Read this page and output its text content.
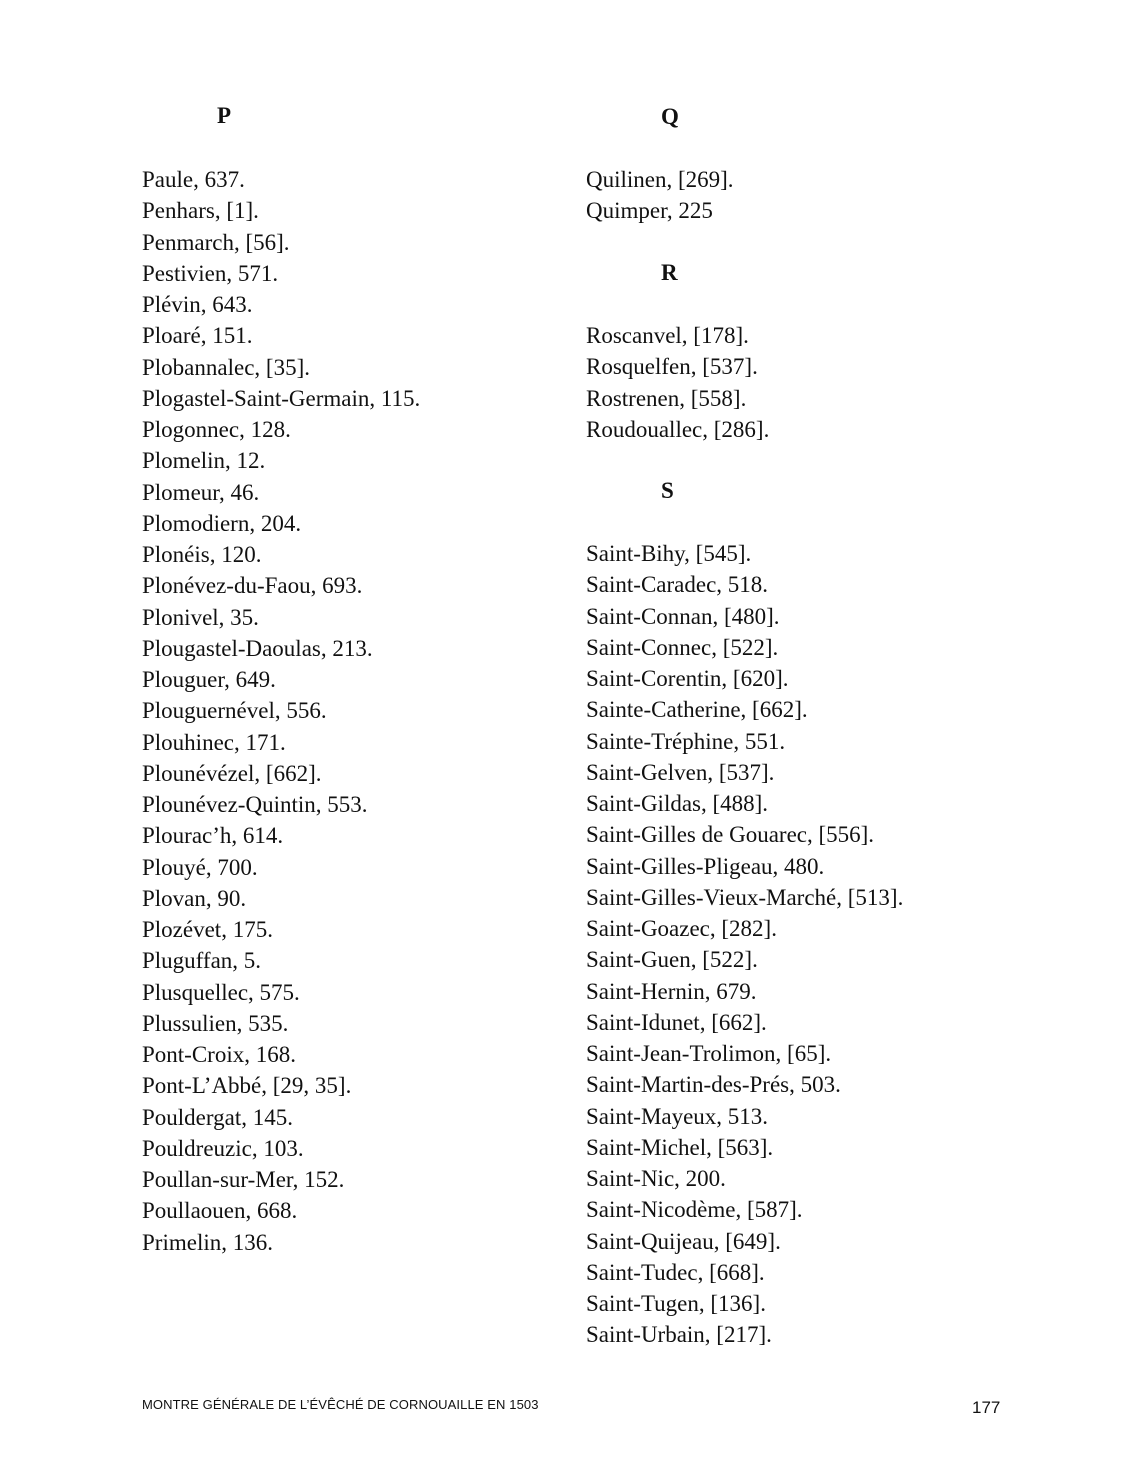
P
Paule, 637.
Penhars, [1].
Penmarch, [56].
Pestivien, 571.
Plévin, 643.
Ploaré, 151.
Plobannalec, [35].
Plogastel-Saint-Germain, 115.
Plogonnec, 128.
Plomelin, 12.
Plomeur, 46.
Plomodiern, 204.
Plonéis, 120.
Plonévez-du-Faou, 693.
Plonivel, 35.
Plougastel-Daoulas, 213.
Plouguer, 649.
Plouguernével, 556.
Plouhinec, 171.
Plounévézel, [662].
Plounévez-Quintin, 553.
Plourac’h, 614.
Plouyé, 700.
Plovan, 90.
Plozévet, 175.
Pluguffan, 5.
Plusquellec, 575.
Plussulien, 535.
Pont-Croix, 168.
Pont-L’Abbé, [29, 35].
Pouldergat, 145.
Pouldreuzic, 103.
Poullan-sur-Mer, 152.
Poullaouen, 668.
Primelin, 136.
Q
Quilinen, [269].
Quimper, 225
R
Roscanvel, [178].
Rosquelfen, [537].
Rostrenen, [558].
Roudouallec, [286].
S
Saint-Bihy, [545].
Saint-Caradec, 518.
Saint-Connan, [480].
Saint-Connec, [522].
Saint-Corentin, [620].
Sainte-Catherine, [662].
Sainte-Tréphine, 551.
Saint-Gelven, [537].
Saint-Gildas, [488].
Saint-Gilles de Gouarec, [556].
Saint-Gilles-Pligeau, 480.
Saint-Gilles-Vieux-Marché, [513].
Saint-Goazec, [282].
Saint-Guen, [522].
Saint-Hernin, 679.
Saint-Idunet, [662].
Saint-Jean-Trolimon, [65].
Saint-Martin-des-Prés, 503.
Saint-Mayeux, 513.
Saint-Michel, [563].
Saint-Nic, 200.
Saint-Nicodème, [587].
Saint-Quijeau, [649].
Saint-Tudec, [668].
Saint-Tugen, [136].
Saint-Urbain, [217].
MONTRE GÉNÉRALE DE L’ÉVÊCHÉ DE CORNOUAILLE EN 1503	177
